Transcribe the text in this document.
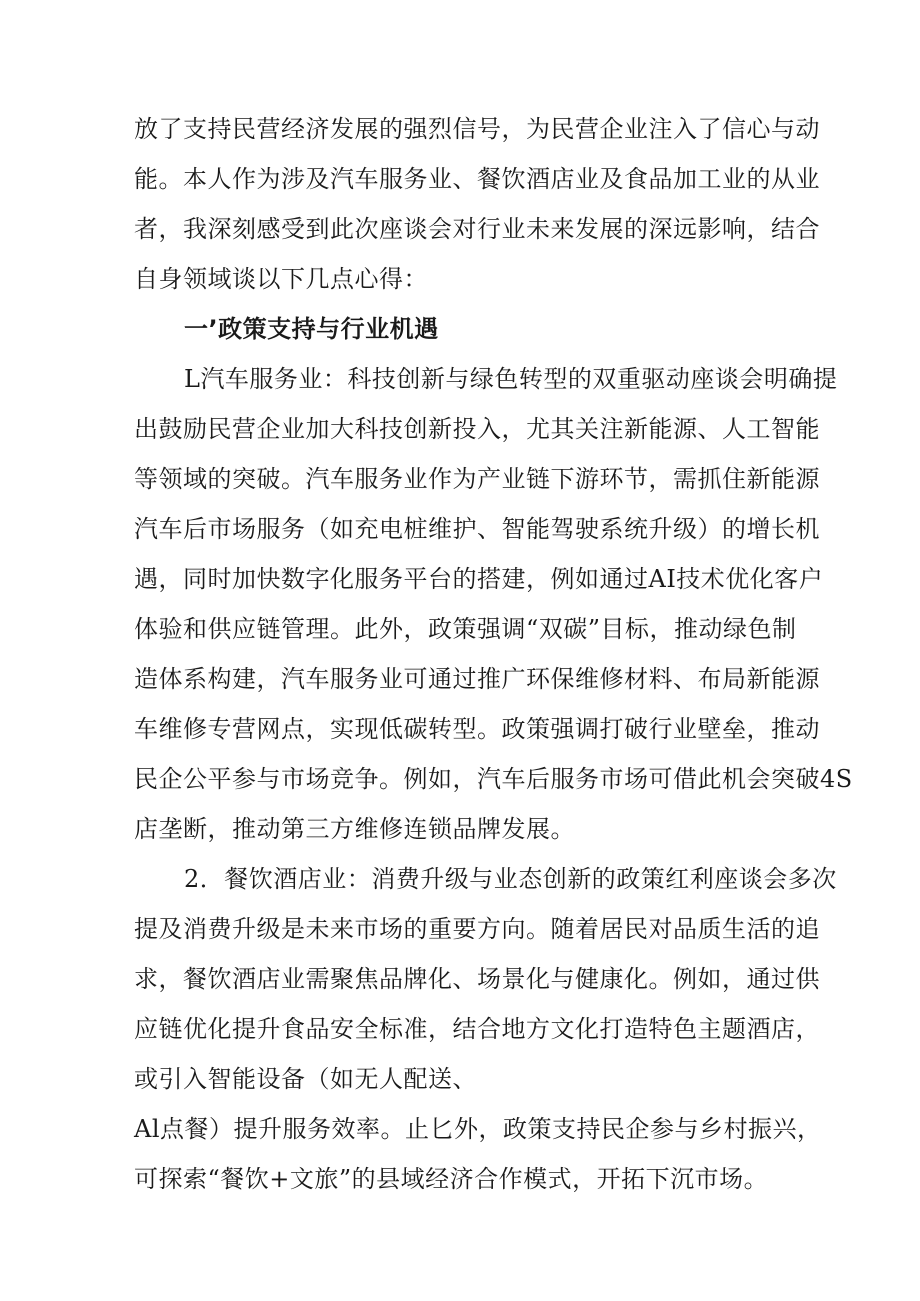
放了支持民营经济发展的强烈信号，为民营企业注入了信心与动
能。本人作为涉及汽车服务业、餐饮酒店业及食品加工业的从业
者，我深刻感受到此次座谈会对行业未来发展的深远影响，结合
自身领域谈以下几点心得：
一’政策支持与行业机遇
L汽车服务业：科技创新与绿色转型的双重驱动座谈会明确提
出鼓励民营企业加大科技创新投入，尤其关注新能源、人工智能
等领域的突破。汽车服务业作为产业链下游环节，需抓住新能源
汽车后市场服务（如充电桩维护、智能驾驶系统升级）的增长机
遇，同时加快数字化服务平台的搭建，例如通过AI技术优化客户
体验和供应链管理。此外，政策强调“双碳”目标，推动绿色制
造体系构建，汽车服务业可通过推广环保维修材料、布局新能源
车维修专营网点，实现低碳转型。政策强调打破行业壁垒，推动
民企公平参与市场竞争。例如，汽车后服务市场可借此机会突破4S
店垄断，推动第三方维修连锁品牌发展。
2．餐饮酒店业：消费升级与业态创新的政策红利座谈会多次
提及消费升级是未来市场的重要方向。随着居民对品质生活的追
求，餐饮酒店业需聚焦品牌化、场景化与健康化。例如，通过供
应链优化提升食品安全标准，结合地方文化打造特色主题酒店，
或引入智能设备（如无人配送、
Al点餐）提升服务效率。止匕外，政策支持民企参与乡村振兴，
可探索“餐饮+文旅”的县域经济合作模式，开拓下沉市场。
